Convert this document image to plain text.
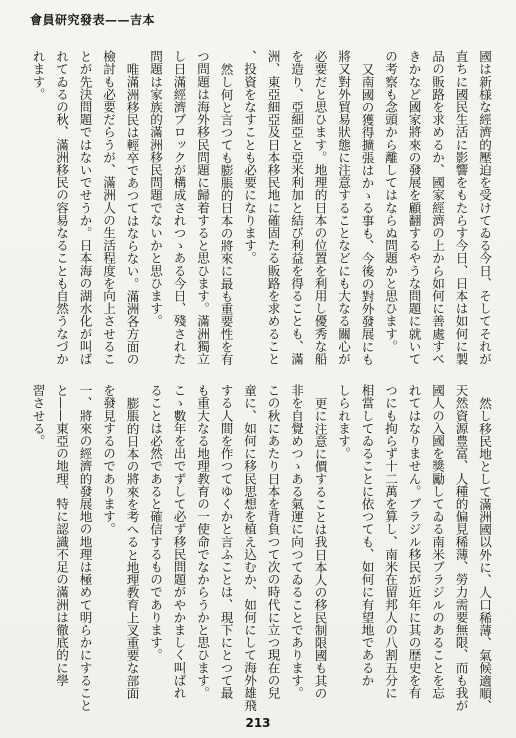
會員研究發表——吉本
國は新様な經濟的壓迫を受けてゐる今日、そしてそれが
直ちに國民生活に影響をもたらす今日、日本は如何に製
品の販路を求めるか、國家經濟の上から如何に善處すべ
きかなど國家將來の發展を顧翻するやうな問題に就いて
の考察も念頭から離してはならぬ問題かと思ひます。
又南國の獲得擴張はかゝる事も、今後の對外發展にも
將又對外貿易狀態に注意することなどにも大なる關心が
必要だと思ひます。地理的日本の位置を利用し優秀な船
を造り、亞細亞と亞米利加と結び利益を得ることも、滿
洲、東亞細亞及日本移民地に確固たる販路を求めること
、投資をなすことも必要になります。
然し何と言つても膨脹的日本の將來に最も重要性を有
つ問題は海外移民問題に歸着すると思ひます。滿洲獨立
し日滿經濟ブロックが構成されつゝある今日、殘された
問題は家族的滿洲移民問題でないかと思ひます。
唯滿洲移民は輕卒であつてはならない。滿洲各方面の
檢討も必要だらうが、滿洲人の生活程度を向上させるこ
とが先決問題ではないでせうか。日本海の湖水化が叫ば
れてゐるの秋、滿洲移民の容易なることも自然うなづか
れます。
然し移民地として滿洲國以外に、人口稀薄、氣候適順、
天然資源豊富、人種的偏見稀薄、勞力需要無限、而も我が
國人の入國を獎勵してゐる南米ブラジルのあることを忘
れてはなりません。ブラジル移民が近年に其の歴史を有
つにも拘らず十二萬を算し、南米在留邦人の八割五分に
相當してゐることに依つても、如何に有望地であるか
しられます。
更に注意に價することは我日本人の移民制限國も其の
非を自覺めつゝある氣運に向つてゐることであります。
この秋にあたり日本を背負つて次の時代に立つ現在の兒
童に、如何に移民思想を植え込むか、如何にして海外雄飛
する人間を作つてゆくかと言ふことは、現下にとつて最
も重大なる地理教育の一使命でなからうかと思ひます。
こゝ數年を出でずして必ず移民問題がやかましく叫ばれ
ることは必然であると確信するものであります。
膨脹的日本の將來を考へると地理教育上叉重要な部面
を發見するのであります。
一、將來の經濟的發展地の地理は極めて明らかにすること
と——東亞の地理、特に認識不足の滿洲は徹底的に學
習させる。
213
